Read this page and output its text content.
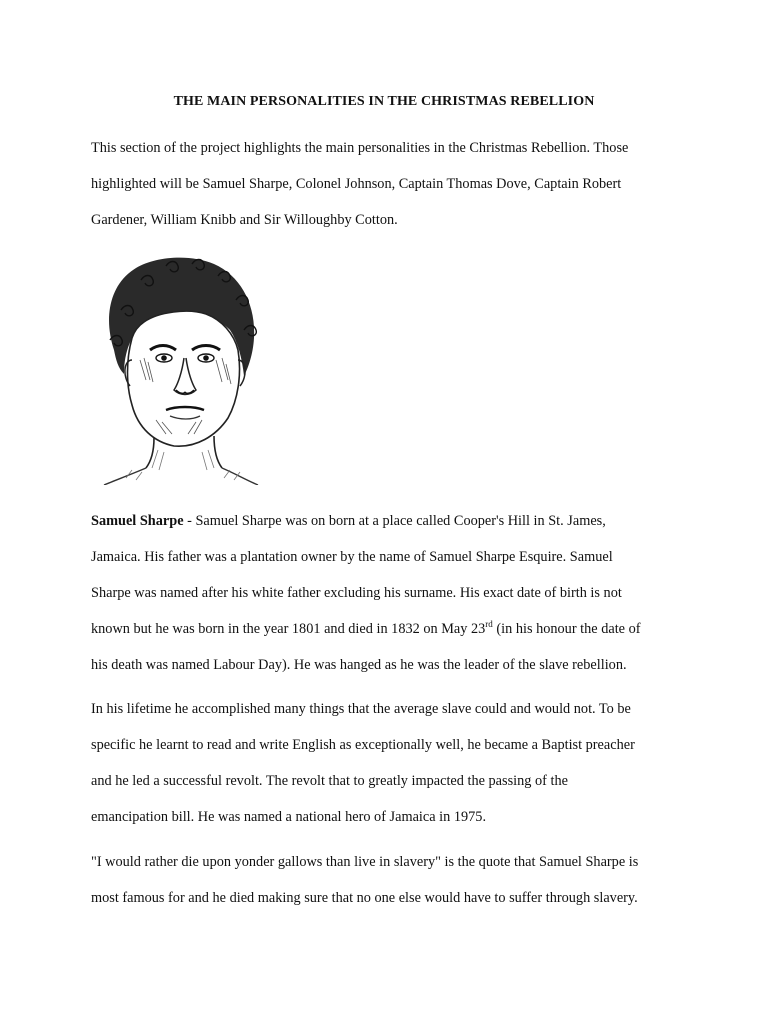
THE MAIN PERSONALITIES IN THE CHRISTMAS REBELLION
This section of the project highlights the main personalities in the Christmas Rebellion. Those
highlighted will be Samuel Sharpe, Colonel Johnson, Captain Thomas Dove, Captain Robert
Gardener, William Knibb and Sir Willoughby Cotton.
Samuel Sharpe - Samuel Sharpe was on born at a place called Cooper's Hill in St. James,
Jamaica. His father was a plantation owner by the name of Samuel Sharpe Esquire. Samuel
Sharpe was named after his white father excluding his surname. His exact date of birth is not
known but he was born in the year 1801 and died in 1832 on May 23rd (in his honour the date of
his death was named Labour Day). He was hanged as he was the leader of the slave rebellion.
In his lifetime he accomplished many things that the average slave could and would not. To be
specific he learnt to read and write English as exceptionally well, he became a Baptist preacher
and he led a successful revolt. The revolt that to greatly impacted the passing of the
emancipation bill. He was named a national hero of Jamaica in 1975.
"I would rather die upon yonder gallows than live in slavery" is the quote that Samuel Sharpe is
most famous for and he died making sure that no one else would have to suffer through slavery.
